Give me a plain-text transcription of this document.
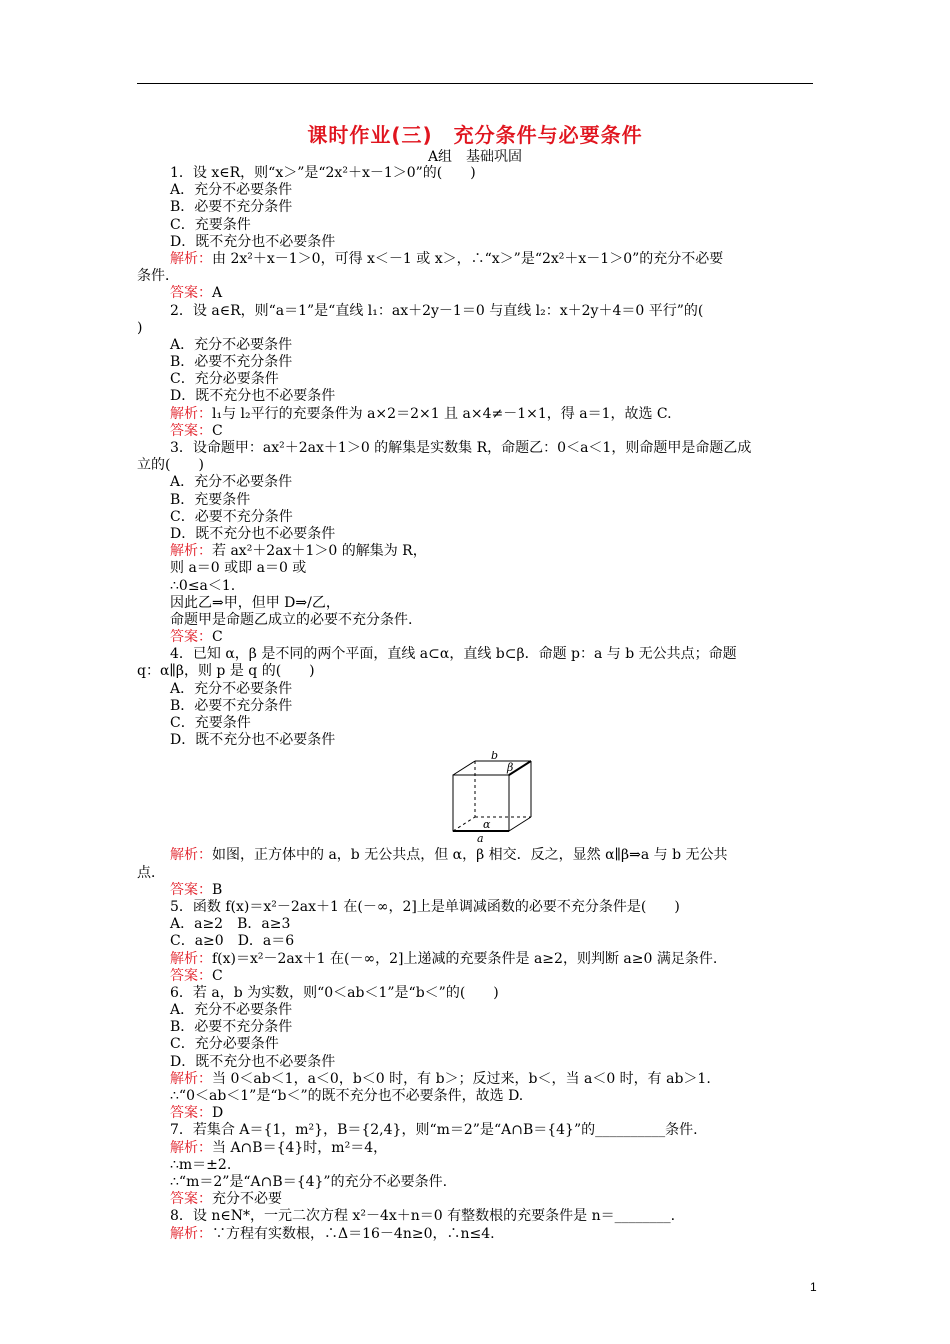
课时作业(三)　充分条件与必要条件
A组　基础巩固
1．设 x∈R，则“x＞”是“2x²＋x－1＞0”的(　　)
A．充分不必要条件
B．必要不充分条件
C．充要条件
D．既不充分也不必要条件
解析：由 2x²＋x－1＞0，可得 x＜－1 或 x＞，∴“x＞”是“2x²＋x－1＞0”的充分不必要
条件．
答案：A
2．设 a∈R，则“a＝1”是“直线 l₁：ax＋2y－1＝0 与直线 l₂：x＋2y＋4＝0 平行”的(
)
A．充分不必要条件
B．必要不充分条件
C．充分必要条件
D．既不充分也不必要条件
解析：l₁与 l₂平行的充要条件为 a×2＝2×1 且 a×4≠－1×1，得 a＝1，故选 C.
答案：C
3．设命题甲：ax²＋2ax＋1＞0 的解集是实数集 R，命题乙：0＜a＜1，则命题甲是命题乙成
立的(　　)
A．充分不必要条件
B．充要条件
C．必要不充分条件
D．既不充分也不必要条件
解析：若 ax²＋2ax＋1＞0 的解集为 R，
则 a＝0 或即 a＝0 或
∴0≤a＜1.
因此乙⇒甲，但甲 D⇒/乙，
命题甲是命题乙成立的必要不充分条件.
答案：C
4．已知 α，β 是不同的两个平面，直线 a⊂α，直线 b⊂β．命题 p：a 与 b 无公共点；命题
q：α∥β，则 p 是 q 的(　　)
A．充分不必要条件
B．必要不充分条件
C．充要条件
D．既不充分也不必要条件
b
β
α
a
解析：如图，正方体中的 a，b 无公共点，但 α，β 相交．反之，显然 α∥β⇒a 与 b 无公共
点．
答案：B
5．函数 f(x)＝x²－2ax＋1 在(－∞，2]上是单调减函数的必要不充分条件是(　　)
A．a≥2　B．a≥3
C．a≥0　D．a＝6
解析：f(x)＝x²－2ax＋1 在(－∞，2]上递减的充要条件是 a≥2，则判断 a≥0 满足条件.
答案：C
6．若 a，b 为实数，则“0＜ab＜1”是“b＜”的(　　)
A．充分不必要条件
B．必要不充分条件
C．充分必要条件
D．既不充分也不必要条件
解析：当 0＜ab＜1，a＜0，b＜0 时，有 b＞；反过来，b＜，当 a＜0 时，有 ab＞1.
∴“0＜ab＜1”是“b＜”的既不充分也不必要条件，故选 D.
答案：D
7．若集合 A＝{1，m²}，B＝{2,4}，则“m＝2”是“A∩B＝{4}”的__________条件.
解析：当 A∩B＝{4}时，m²＝4，
∴m＝±2.
∴“m＝2”是“A∩B＝{4}”的充分不必要条件.
答案：充分不必要
8．设 n∈N*，一元二次方程 x²－4x＋n＝0 有整数根的充要条件是 n＝________.
解析：∵方程有实数根，∴Δ＝16－4n≥0，∴n≤4.
1
